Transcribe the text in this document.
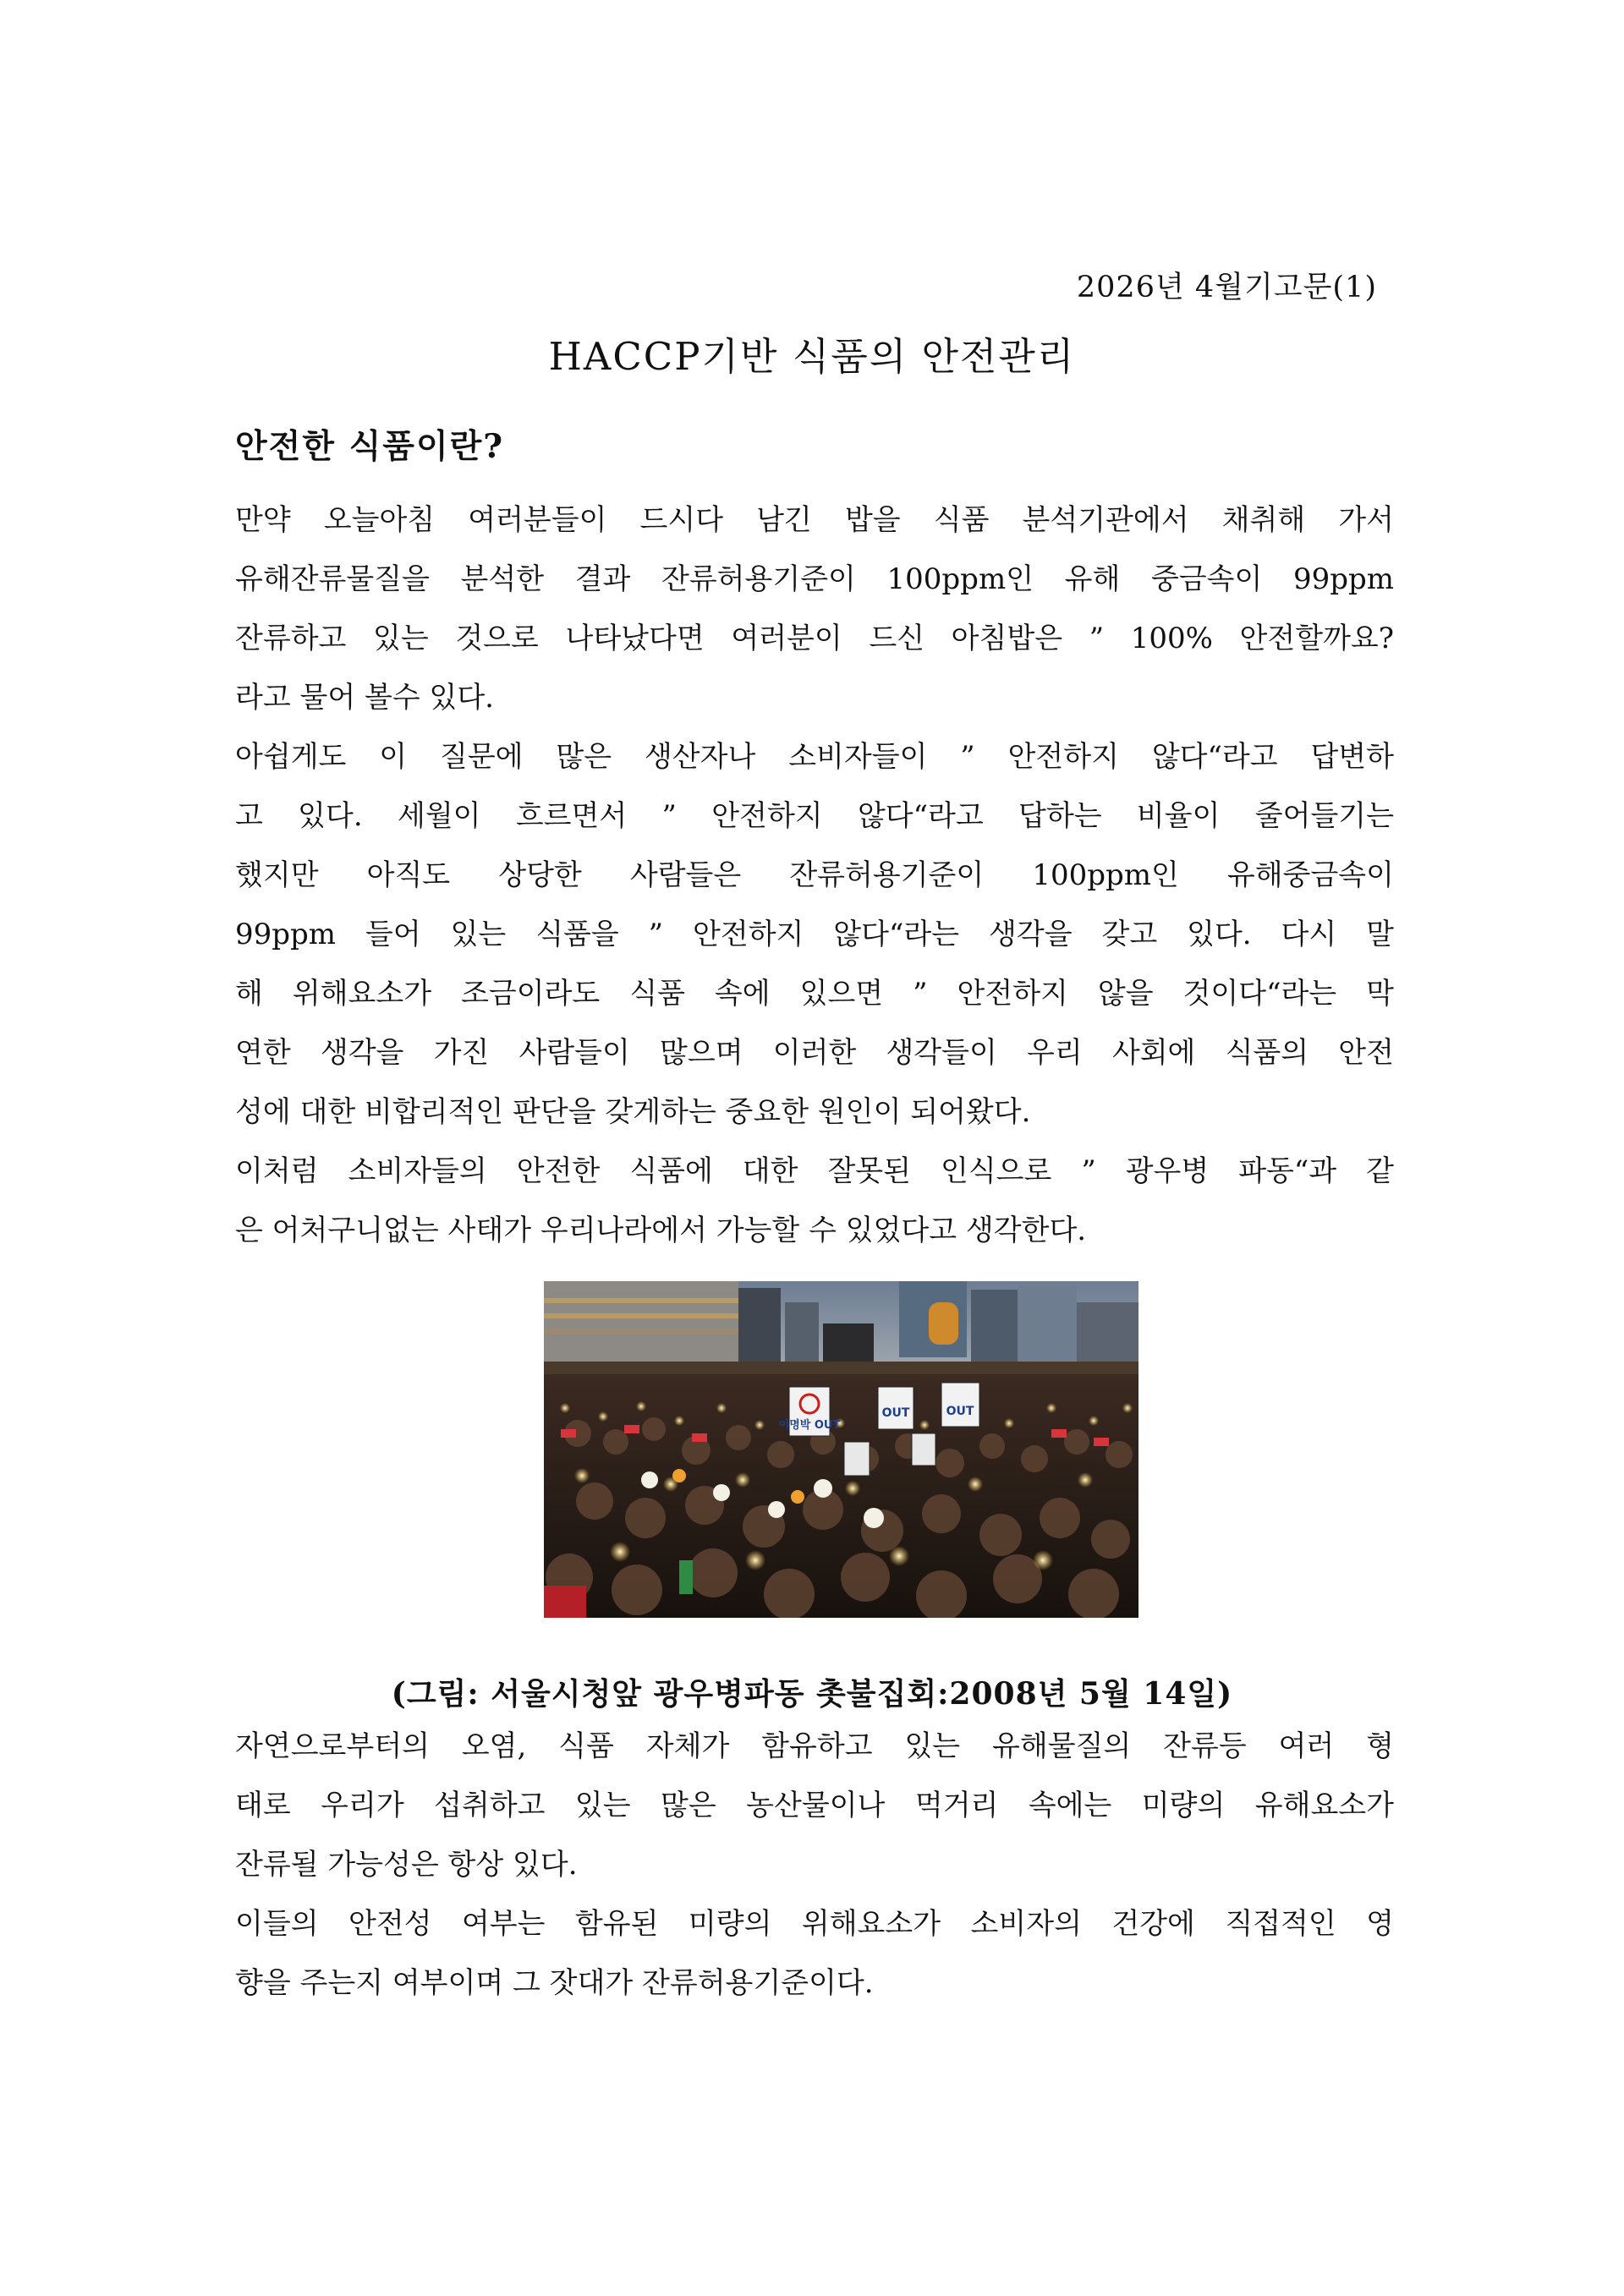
2026년 4월기고문(1)
HACCP기반 식품의 안전관리
안전한 식품이란?
만약 오늘아침 여러분들이 드시다 남긴 밥을 식품 분석기관에서 채취해 가서
유해잔류물질을 분석한 결과 잔류허용기준이 100ppm인 유해 중금속이 99ppm
잔류하고 있는 것으로 나타났다면 여러분이 드신 아침밥은 ” 100% 안전할까요?
라고 물어 볼수 있다.
아쉽게도 이 질문에 많은 생산자나 소비자들이 ” 안전하지 않다“라고 답변하
고 있다. 세월이 흐르면서 ” 안전하지 않다“라고 답하는 비율이 줄어들기는
했지만 아직도 상당한 사람들은 잔류허용기준이 100ppm인 유해중금속이
99ppm 들어 있는 식품을 ” 안전하지 않다“라는 생각을 갖고 있다. 다시 말
해 위해요소가 조금이라도 식품 속에 있으면 ” 안전하지 않을 것이다“라는 막
연한 생각을 가진 사람들이 많으며 이러한 생각들이 우리 사회에 식품의 안전
성에 대한 비합리적인 판단을 갖게하는 중요한 원인이 되어왔다.
이처럼 소비자들의 안전한 식품에 대한 잘못된 인식으로 ” 광우병 파동“과 같
은 어처구니없는 사태가 우리나라에서 가능할 수 있었다고 생각한다.
이명박 OUT
OUT	OUT
(그림: 서울시청앞 광우병파동 촛불집회:2008년 5월 14일)
자연으로부터의 오염, 식품 자체가 함유하고 있는 유해물질의 잔류등 여러 형
태로 우리가 섭취하고 있는 많은 농산물이나 먹거리 속에는 미량의 유해요소가
잔류될 가능성은 항상 있다.
이들의 안전성 여부는 함유된 미량의 위해요소가 소비자의 건강에 직접적인 영
향을 주는지 여부이며 그 잣대가 잔류허용기준이다.
